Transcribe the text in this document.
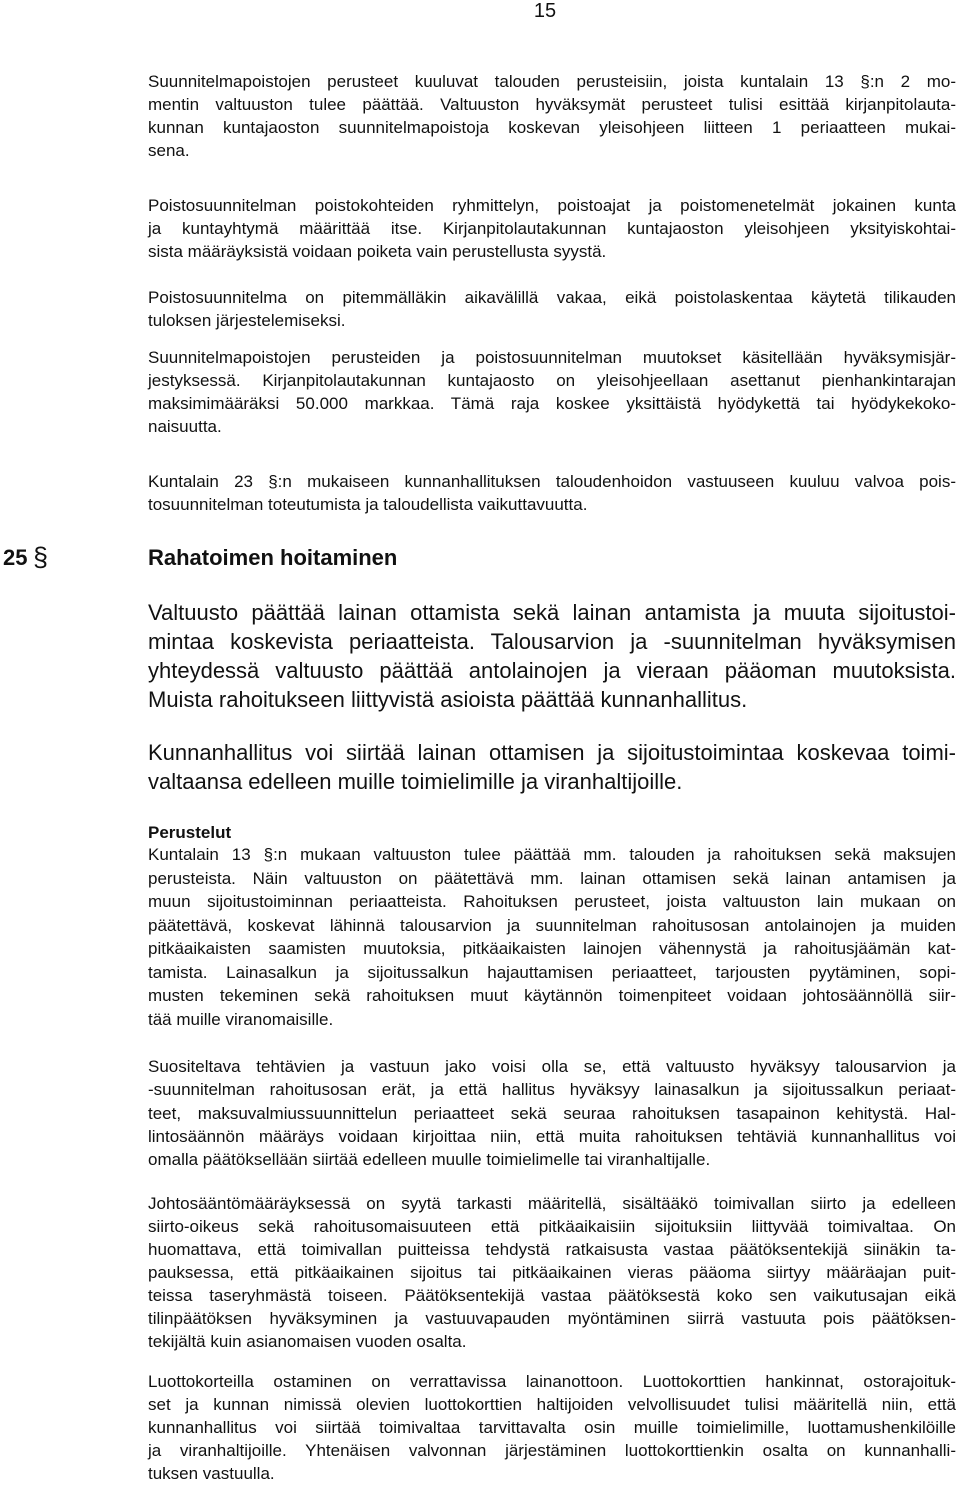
15
Suunnitelmapoistojen perusteet kuuluvat talouden perusteisiin, joista kuntalain 13 §:n 2 mo-
mentin valtuuston tulee päättää. Valtuuston hyväksymät perusteet tulisi esittää kirjanpitolauta-
kunnan kuntajaoston suunnitelmapoistoja koskevan yleisohjeen liitteen 1 periaatteen mukai-
sena.
Poistosuunnitelman poistokohteiden ryhmittelyn, poistoajat ja poistomenetelmät jokainen kunta
ja kuntayhtymä määrittää itse. Kirjanpitolautakunnan kuntajaoston yleisohjeen yksityiskohtai-
sista määräyksistä voidaan poiketa vain perustellusta syystä.
Poistosuunnitelma on pitemmälläkin aikavälillä vakaa, eikä poistolaskentaa käytetä tilikauden
tuloksen järjestelemiseksi.
Suunnitelmapoistojen perusteiden ja poistosuunnitelman muutokset käsitellään hyväksymisjär-
jestyksessä. Kirjanpitolautakunnan kuntajaosto on yleisohjeellaan asettanut pienhankintarajan
maksimimääräksi 50.000 markkaa. Tämä raja koskee yksittäistä hyödykettä tai hyödykekoko-
naisuutta.
Kuntalain 23 §:n mukaiseen kunnanhallituksen taloudenhoidon vastuuseen kuuluu valvoa pois-
tosuunnitelman toteutumista ja taloudellista vaikuttavuutta.
25 §	Rahatoimen hoitaminen
Valtuusto päättää lainan ottamista sekä lainan antamista ja muuta sijoitustoi-
mintaa koskevista periaatteista. Talousarvion ja -suunnitelman hyväksymisen
yhteydessä valtuusto päättää antolainojen ja vieraan pääoman muutoksista.
Muista rahoitukseen liittyvistä asioista päättää kunnanhallitus.
Kunnanhallitus voi siirtää lainan ottamisen ja sijoitustoimintaa koskevaa toimi-
valtaansa edelleen muille toimielimille ja viranhaltijoille.
Perustelut
Kuntalain 13 §:n mukaan valtuuston tulee päättää mm. talouden ja rahoituksen sekä maksujen
perusteista. Näin valtuuston on päätettävä mm. lainan ottamisen sekä lainan antamisen ja
muun sijoitustoiminnan periaatteista. Rahoituksen perusteet, joista valtuuston lain mukaan on
päätettävä, koskevat lähinnä talousarvion ja suunnitelman rahoitusosan antolainojen ja muiden
pitkäaikaisten saamisten muutoksia, pitkäaikaisten lainojen vähennystä ja rahoitusjäämän kat-
tamista. Lainasalkun ja sijoitussalkun hajauttamisen periaatteet, tarjousten pyytäminen, sopi-
musten tekeminen sekä rahoituksen muut käytännön toimenpiteet voidaan johtosäännöllä siir-
tää muille viranomaisille.
Suositeltava tehtävien ja vastuun jako voisi olla se, että valtuusto hyväksyy talousarvion ja
-suunnitelman rahoitusosan erät, ja että hallitus hyväksyy lainasalkun ja sijoitussalkun periaat-
teet, maksuvalmiussuunnittelun periaatteet sekä seuraa rahoituksen tasapainon kehitystä. Hal-
lintosäännön määräys voidaan kirjoittaa niin, että muita rahoituksen tehtäviä kunnanhallitus voi
omalla päätöksellään siirtää edelleen muulle toimielimelle tai viranhaltijalle.
Johtosääntömääräyksessä on syytä tarkasti määritellä, sisältääkö toimivallan siirto ja edelleen
siirto-oikeus sekä rahoitusomaisuuteen että pitkäaikaisiin sijoituksiin liittyvää toimivaltaa. On
huomattava, että toimivallan puitteissa tehdystä ratkaisusta vastaa päätöksentekijä siinäkin ta-
pauksessa, että pitkäaikainen sijoitus tai pitkäaikainen vieras pääoma siirtyy määräajan puit-
teissa taseryhmästä toiseen. Päätöksentekijä vastaa päätöksestä koko sen vaikutusajan eikä
tilinpäätöksen hyväksyminen ja vastuuvapauden myöntäminen siirrä vastuuta pois päätöksen-
tekijältä kuin asianomaisen vuoden osalta.
Luottokorteilla ostaminen on verrattavissa lainanottoon. Luottokorttien hankinnat, ostorajoituk-
set ja kunnan nimissä olevien luottokorttien haltijoiden velvollisuudet tulisi määritellä niin, että
kunnanhallitus voi siirtää toimivaltaa tarvittavalta osin muille toimielimille, luottamushenkilöille
ja viranhaltijoille. Yhtenäisen valvonnan järjestäminen luottokorttienkin osalta on kunnanhalli-
tuksen vastuulla.
